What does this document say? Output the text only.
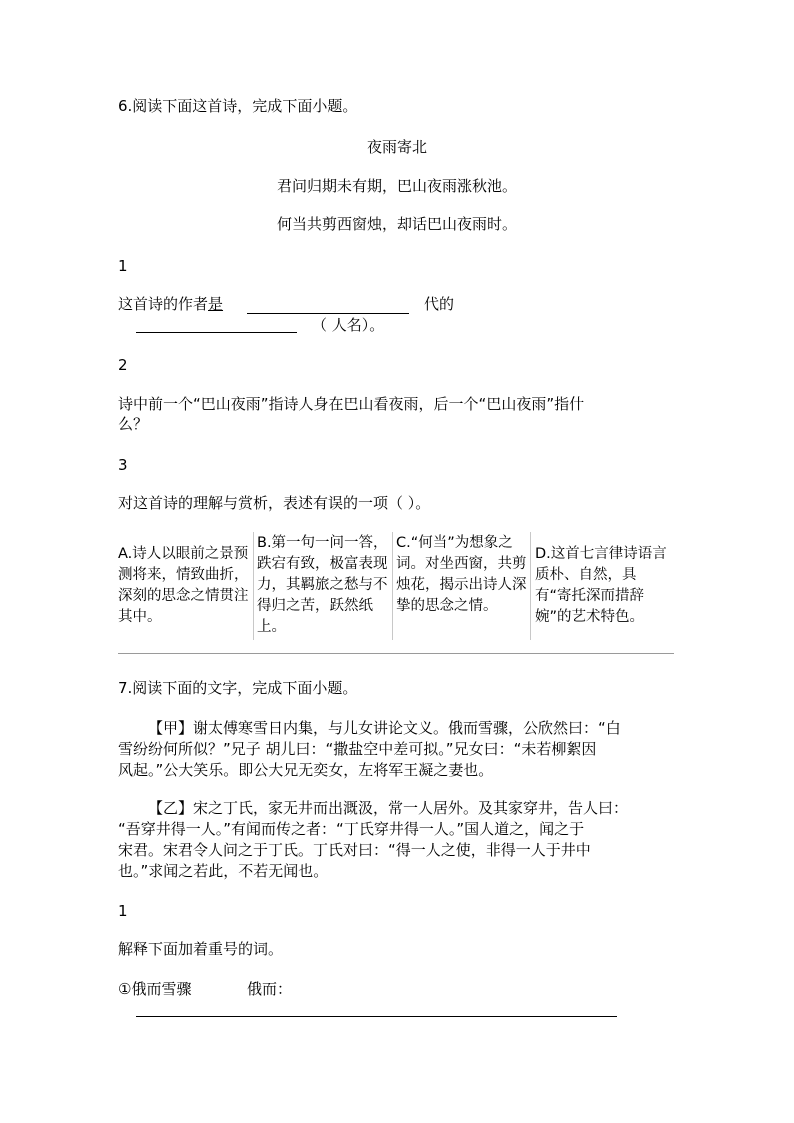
6.阅读下面这首诗，完成下面小题。
夜雨寄北
君问归期未有期，巴山夜雨涨秋池。
何当共剪西窗烛，却话巴山夜雨时。
1
这首诗的作者是	代的
（ 人名）。
2
诗中前一个“巴山夜雨”指诗人身在巴山看夜雨，后一个“巴山夜雨”指什
么？
3
对这首诗的理解与赏析，表述有误的一项（ ）。
A.诗人以眼前之景预测将来，情致曲折，深刻的思念之情贯注其中。
B.第一句一问一答，跌宕有致，极富表现力，其羁旅之愁与不得归之苦，跃然纸上。
C.“何当”为想象之词。对坐西窗，共剪烛花，揭示出诗人深挚的思念之情。
D.这首七言律诗语言质朴、自然，具有“寄托深而措辞婉”的艺术特色。
7.阅读下面的文字，完成下面小题。
【甲】谢太傅寒雪日内集，与儿女讲论文义。俄而雪骤，公欣然曰：“白
雪纷纷何所似？”兄子 胡儿曰：“撒盐空中差可拟。”兄女曰：“未若柳絮因
风起。”公大笑乐。即公大兄无奕女，左将军王凝之妻也。
【乙】宋之丁氏，家无井而出溉汲，常一人居外。及其家穿井，告人曰：
“吾穿井得一人。”有闻而传之者：“丁氏穿井得一人。”国人道之，闻之于
宋君。宋君令人问之于丁氏。丁氏对曰：“得一人之使，非得一人于井中
也。”求闻之若此，不若无闻也。
1
解释下面加着重号的词。
①俄而雪骤	俄而：
